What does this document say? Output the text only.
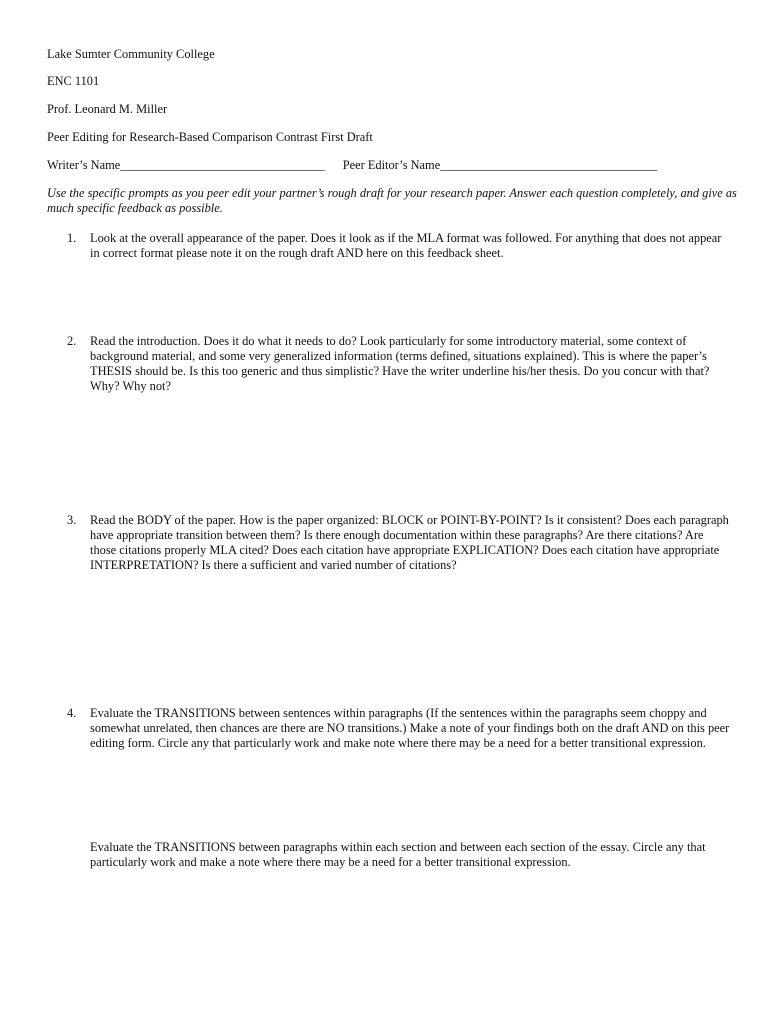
Lake Sumter Community College
ENC 1101
Prof. Leonard M. Miller
Peer Editing for Research-Based Comparison Contrast First Draft
Writer’s Name_________________________________ Peer Editor’s Name___________________________________
Use the specific prompts as you peer edit your partner’s rough draft for your research paper. Answer each question completely, and give as much specific feedback as possible.
1.	Look at the overall appearance of the paper. Does it look as if the MLA format was followed. For anything that does not appear in correct format please note it on the rough draft AND here on this feedback sheet.
2.	Read the introduction. Does it do what it needs to do? Look particularly for some introductory material, some context of background material, and some very generalized information (terms defined, situations explained). This is where the paper’s THESIS should be. Is this too generic and thus simplistic? Have the writer underline his/her thesis. Do you concur with that? Why? Why not?
3.	Read the BODY of the paper. How is the paper organized: BLOCK or POINT-BY-POINT? Is it consistent? Does each paragraph have appropriate transition between them? Is there enough documentation within these paragraphs? Are there citations? Are those citations properly MLA cited? Does each citation have appropriate EXPLICATION? Does each citation have appropriate INTERPRETATION? Is there a sufficient and varied number of citations?
4.	Evaluate the TRANSITIONS between sentences within paragraphs (If the sentences within the paragraphs seem choppy and somewhat unrelated, then chances are there are NO transitions.) Make a note of your findings both on the draft AND on this peer editing form. Circle any that particularly work and make note where there may be a need for a better transitional expression.
Evaluate the TRANSITIONS between paragraphs within each section and between each section of the essay. Circle any that particularly work and make a note where there may be a need for a better transitional expression.
